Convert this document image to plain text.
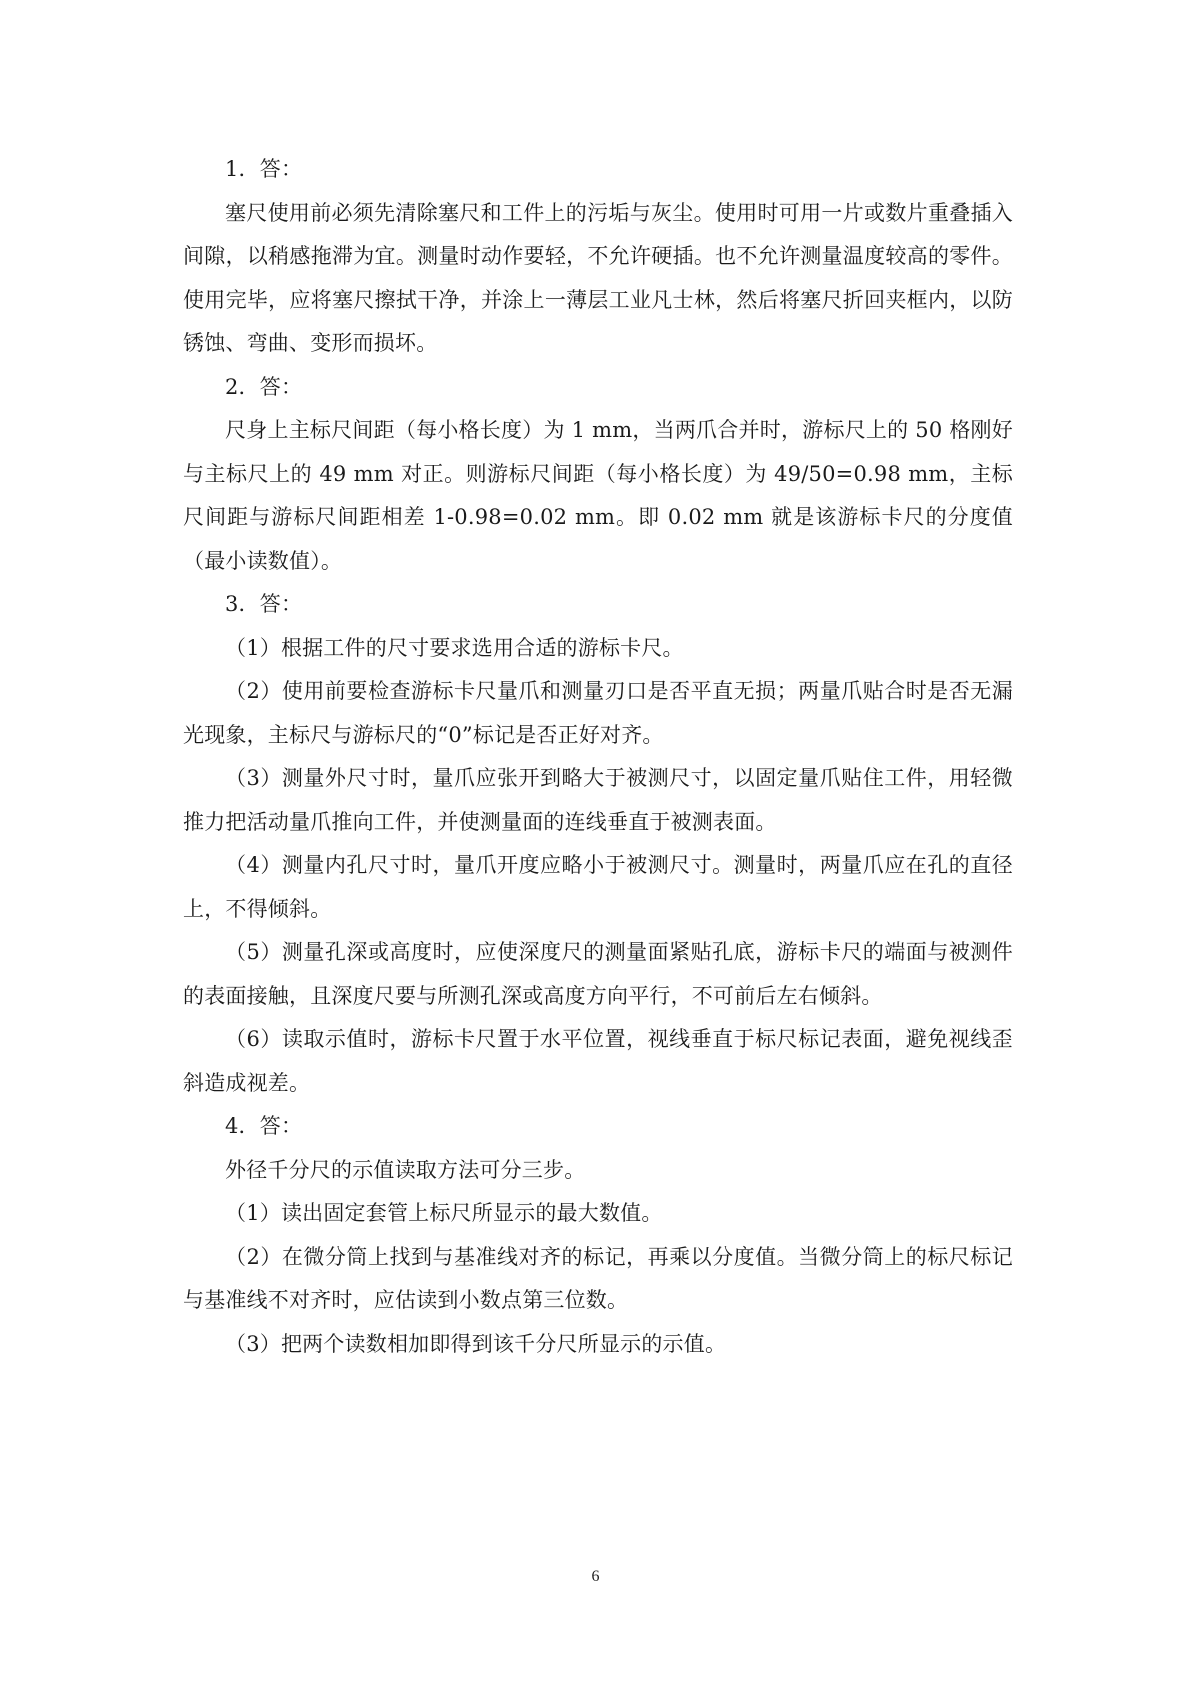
1．答：

塞尺使用前必须先清除塞尺和工件上的污垢与灰尘。使用时可用一片或数片重叠插入间隙，以稍感拖滞为宜。测量时动作要轻，不允许硬插。也不允许测量温度较高的零件。使用完毕，应将塞尺擦拭干净，并涂上一薄层工业凡士林，然后将塞尺折回夹框内，以防锈蚀、弯曲、变形而损坏。

2．答：

尺身上主标尺间距（每小格长度）为 1 mm，当两爪合并时，游标尺上的 50 格刚好与主标尺上的 49 mm 对正。则游标尺间距（每小格长度）为 49/50=0.98 mm，主标尺间距与游标尺间距相差 1-0.98=0.02 mm。即 0.02 mm 就是该游标卡尺的分度值（最小读数值）。

3．答：

（1）根据工件的尺寸要求选用合适的游标卡尺。

（2）使用前要检查游标卡尺量爪和测量刃口是否平直无损；两量爪贴合时是否无漏光现象，主标尺与游标尺的“0”标记是否正好对齐。

（3）测量外尺寸时，量爪应张开到略大于被测尺寸，以固定量爪贴住工件，用轻微推力把活动量爪推向工件，并使测量面的连线垂直于被测表面。

（4）测量内孔尺寸时，量爪开度应略小于被测尺寸。测量时，两量爪应在孔的直径上，不得倾斜。

（5）测量孔深或高度时，应使深度尺的测量面紧贴孔底，游标卡尺的端面与被测件的表面接触，且深度尺要与所测孔深或高度方向平行，不可前后左右倾斜。

（6）读取示值时，游标卡尺置于水平位置，视线垂直于标尺标记表面，避免视线歪斜造成视差。

4．答：

外径千分尺的示值读取方法可分三步。

（1）读出固定套管上标尺所显示的最大数值。

（2）在微分筒上找到与基准线对齐的标记，再乘以分度值。当微分筒上的标尺标记与基准线不对齐时，应估读到小数点第三位数。

（3）把两个读数相加即得到该千分尺所显示的示值。

6
